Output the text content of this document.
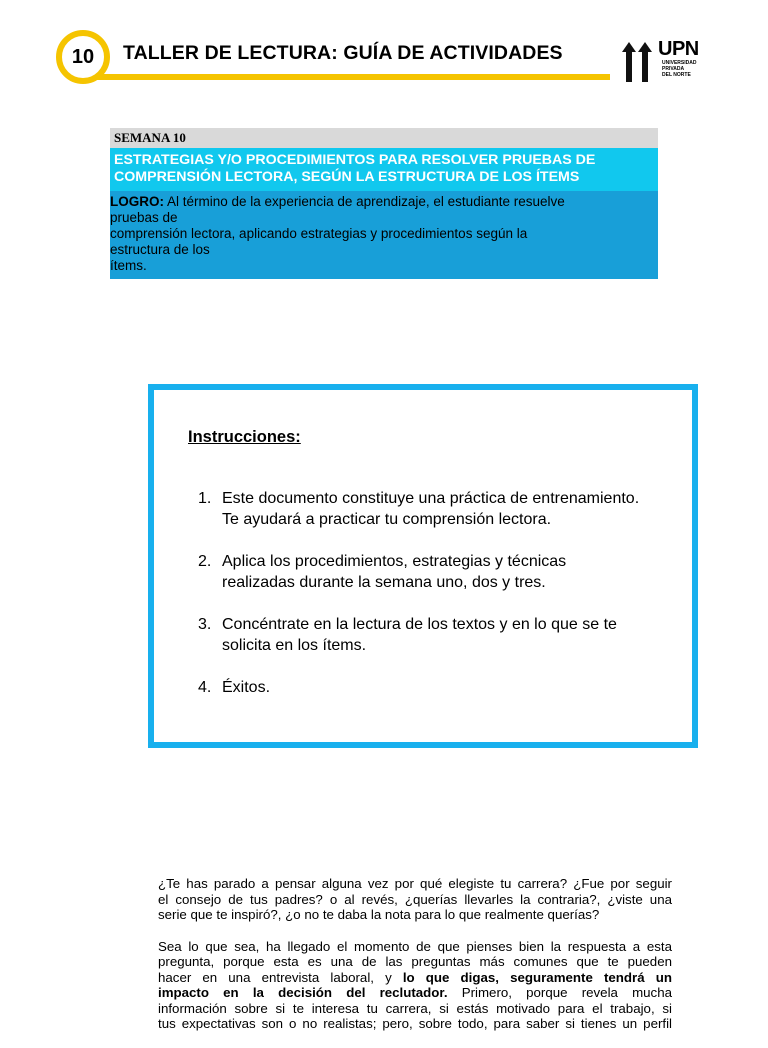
10 TALLER DE LECTURA: GUÍA DE ACTIVIDADES	UPN
UNIVERSIDAD
PRIVADA
DEL NORTE
SEMANA 10
ESTRATEGIAS Y/O PROCEDIMIENTOS PARA RESOLVER PRUEBAS DE
COMPRENSIÓN LECTORA, SEGÚN LA ESTRUCTURA DE LOS ÍTEMS
LOGRO: Al término de la experiencia de aprendizaje, el estudiante resuelve
pruebas de
comprensión lectora, aplicando estrategias y procedimientos según la
estructura de los
ítems.
Instrucciones:
1. Este documento constituye una práctica de entrenamiento.
Te ayudará a practicar tu comprensión lectora.
2. Aplica los procedimientos, estrategias y técnicas
realizadas durante la semana uno, dos y tres.
3. Concéntrate en la lectura de los textos y en lo que se te
solicita en los ítems.
4. Éxitos.

¿Te has parado a pensar alguna vez por qué elegiste tu carrera? ¿Fue por seguir
el consejo de tus padres? o al revés, ¿querías llevarles la contraria?, ¿viste una
serie que te inspiró?, ¿o no te daba la nota para lo que realmente querías?

Sea lo que sea, ha llegado el momento de que pienses bien la respuesta a esta
pregunta, porque esta es una de las preguntas más comunes que te pueden
hacer en una entrevista laboral, y lo que digas, seguramente tendrá un
impacto en la decisión del reclutador. Primero, porque revela mucha
información sobre si te interesa tu carrera, si estás motivado para el trabajo, si
tus expectativas son o no realistas; pero, sobre todo, para saber si tienes un perfil
